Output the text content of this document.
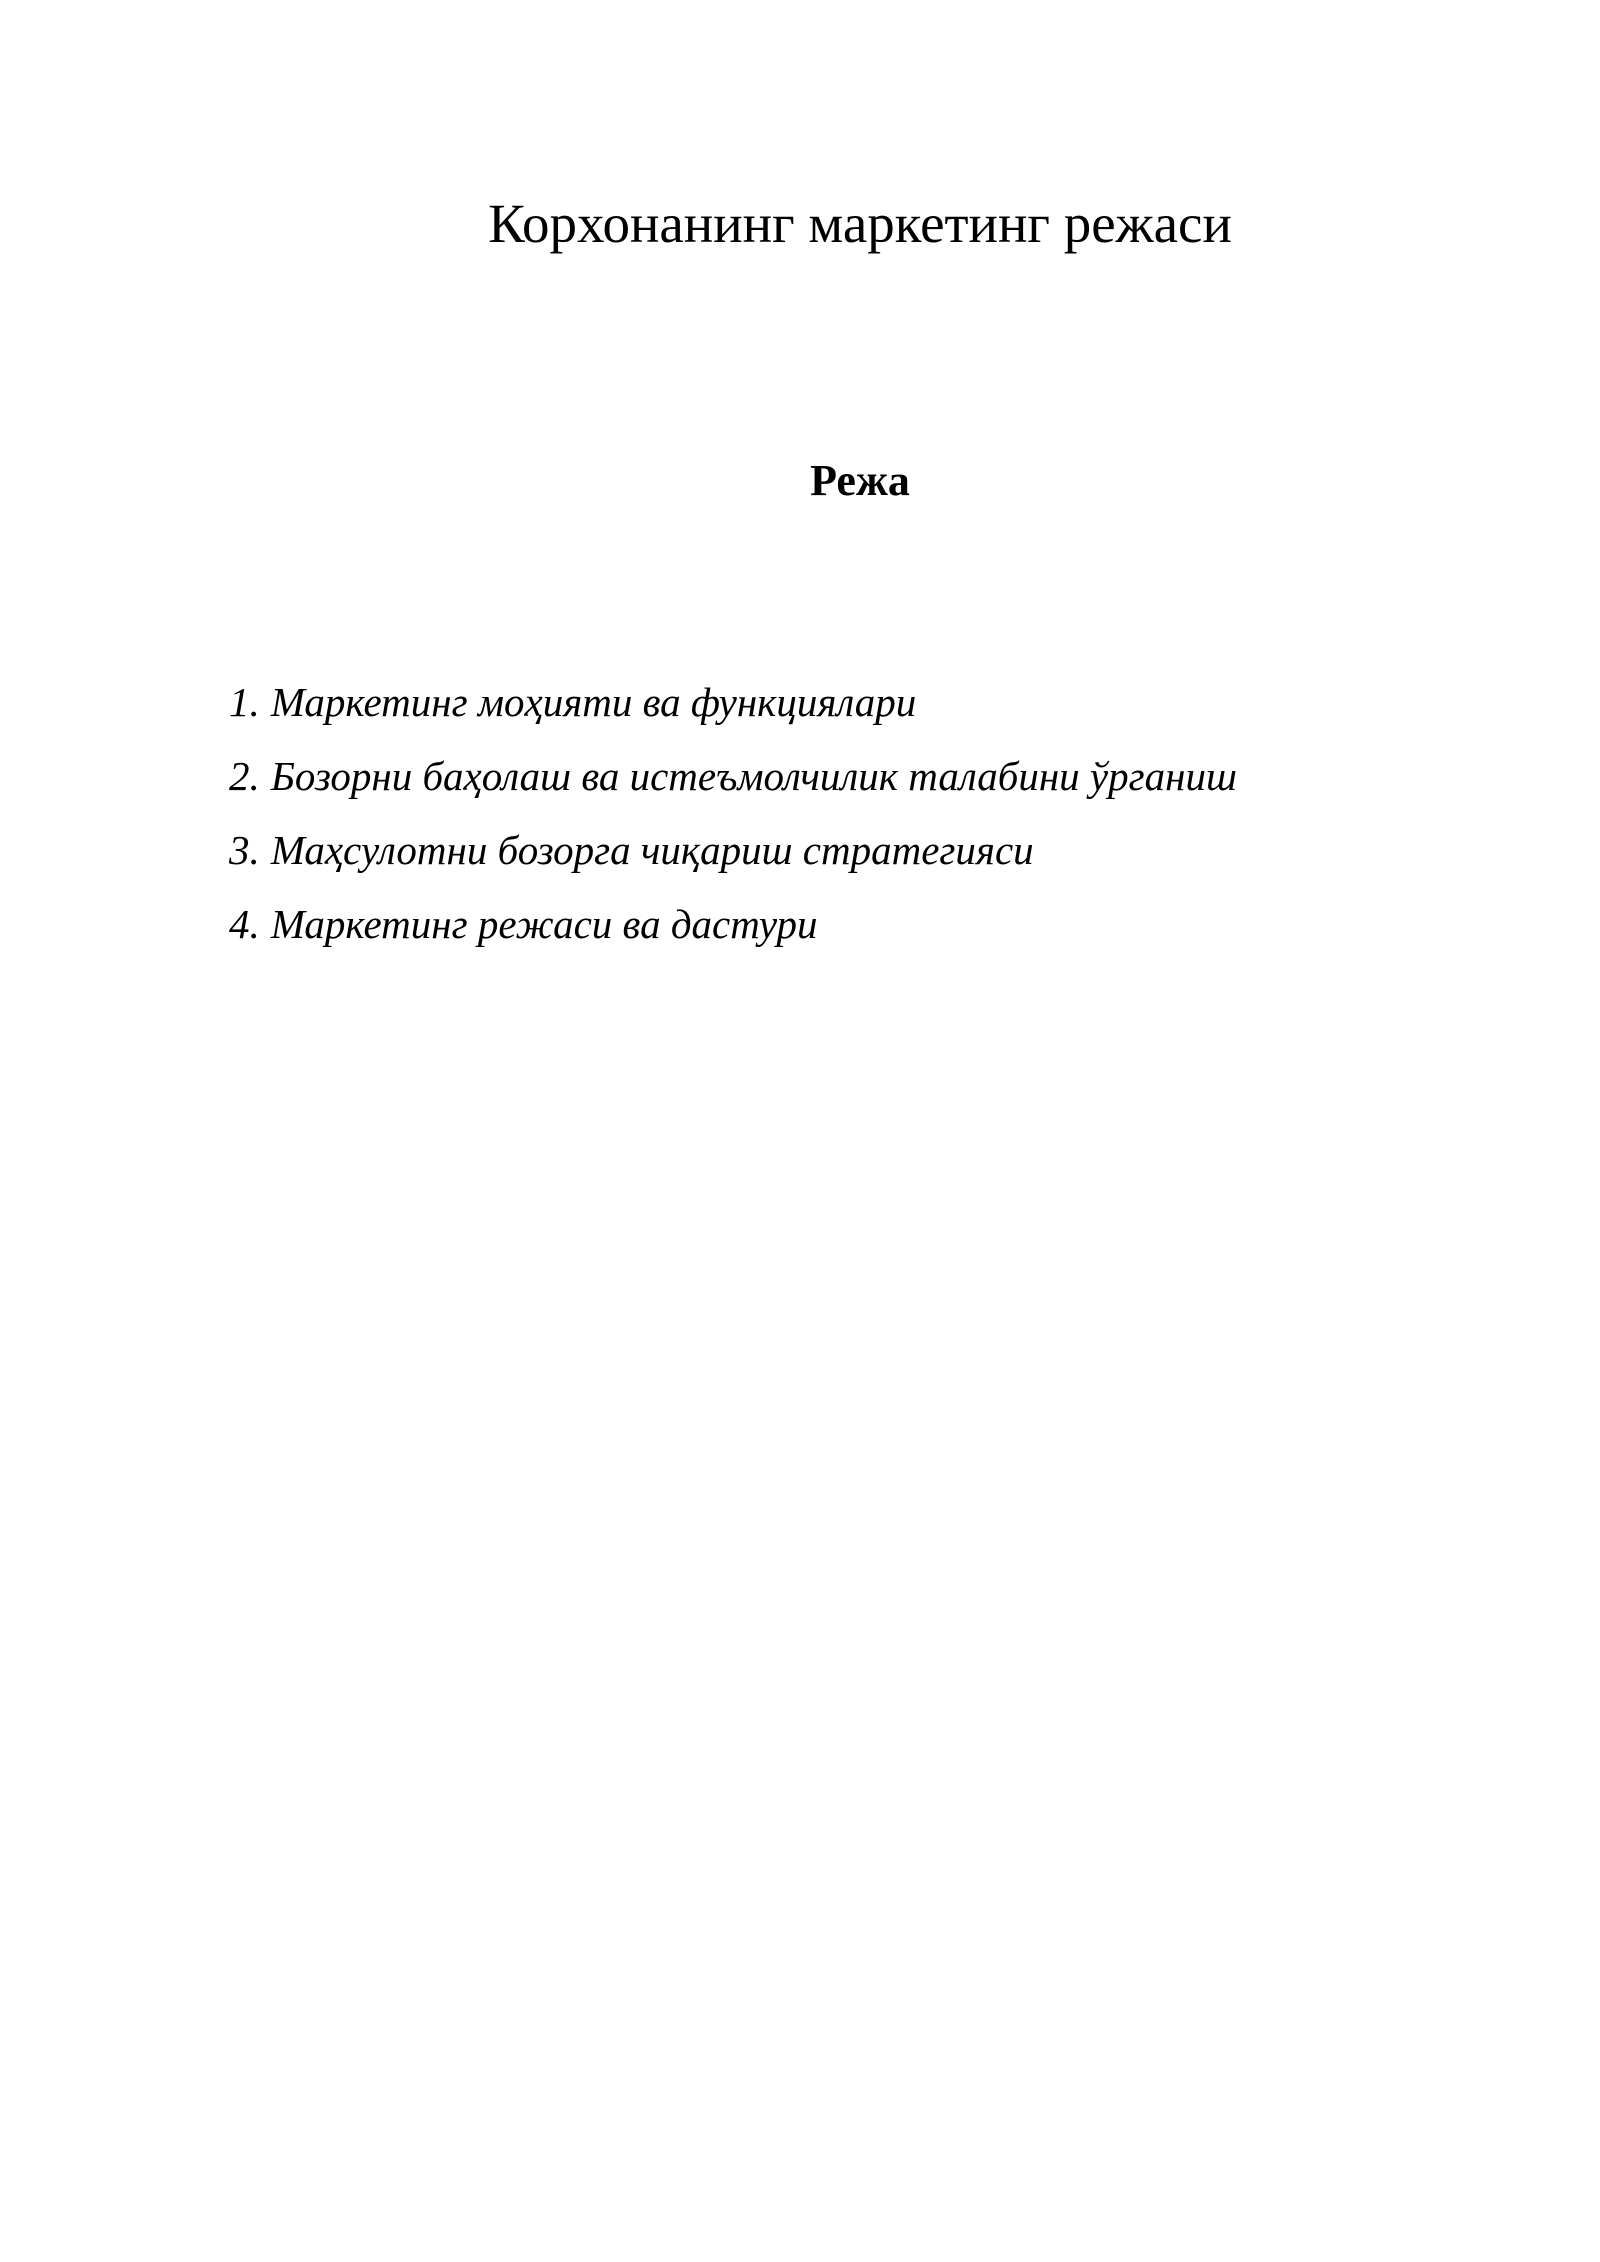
Корхонанинг маркетинг режаси
Режа
1. Маркетинг моҳияти ва функциялари
2. Бозорни баҳолаш ва истеъмолчилик талабини ўрганиш
3. Маҳсулотни бозорга чиқариш стратегияси
4. Маркетинг режаси ва дастури
